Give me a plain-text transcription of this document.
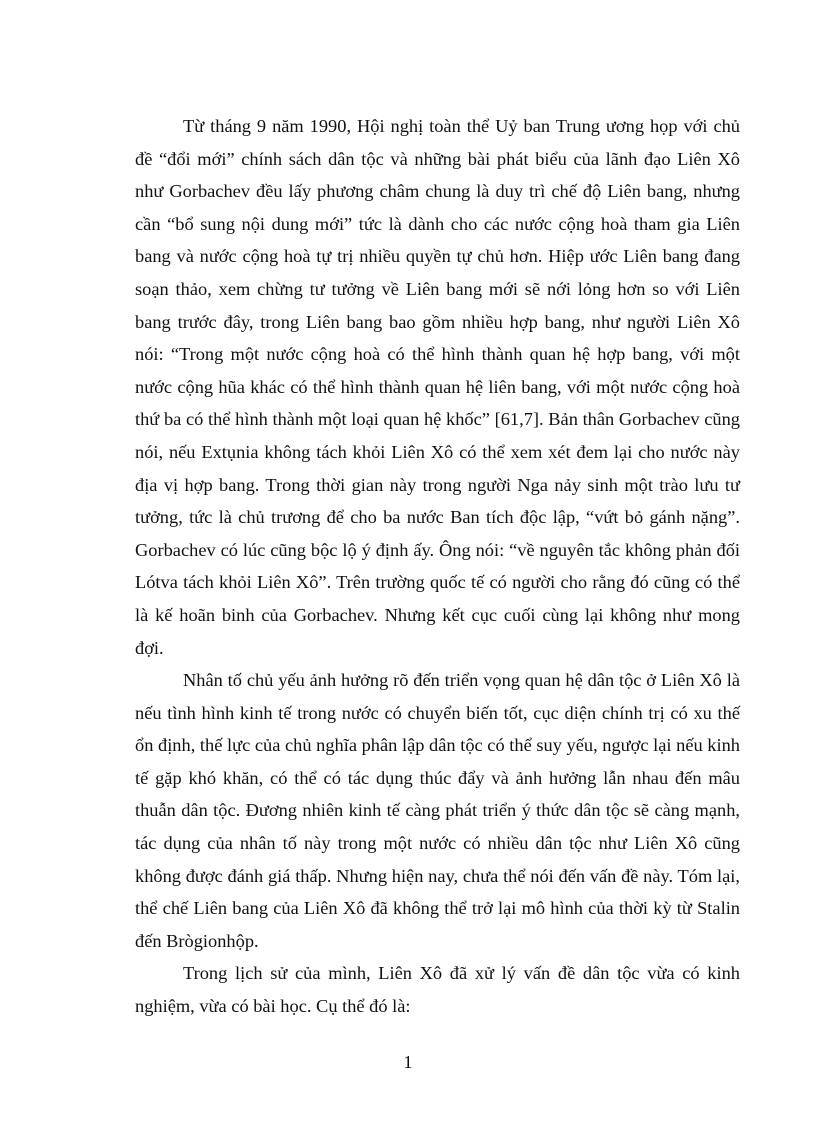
Từ tháng 9 năm 1990, Hội nghị toàn thể Uỷ ban Trung ương họp với chủ đề “đổi mới” chính sách dân tộc và những bài phát biểu của lãnh đạo Liên Xô như Gorbachev đều lấy phương châm chung là duy trì chế độ Liên bang, nhưng cần “bổ sung nội dung mới” tức là dành cho các nước cộng hoà tham gia Liên bang và nước cộng hoà tự trị nhiều quyền tự chủ hơn. Hiệp ước Liên bang đang soạn thảo, xem chừng tư tưởng về Liên bang mới sẽ nới lỏng hơn so với Liên bang trước đây, trong Liên bang bao gồm nhiều hợp bang, như người Liên Xô nói: “Trong một nước cộng hoà có thể hình thành quan hệ hợp bang, với một nước cộng hũa khác có thể hình thành quan hệ liên bang, với một nước cộng hoà thứ ba có thể hình thành một loại quan hệ khốc” [61,7]. Bản thân Gorbachev cũng nói, nếu Extụnia không tách khỏi Liên Xô có thể xem xét đem lại cho nước này địa vị hợp bang. Trong thời gian này trong người Nga nảy sinh một trào lưu tư tưởng, tức là chủ trương để cho ba nước Ban tích độc lập, “vứt bỏ gánh nặng”. Gorbachev có lúc cũng bộc lộ ý định ấy. Ông nói: “về nguyên tắc không phản đối Lótva tách khỏi Liên Xô”. Trên trường quốc tế có người cho rằng đó cũng có thể là kế hoãn binh của Gorbachev. Nhưng kết cục cuối cùng lại không như mong đợi.

Nhân tố chủ yếu ảnh hưởng rõ đến triển vọng quan hệ dân tộc ở Liên Xô là nếu tình hình kinh tế trong nước có chuyển biến tốt, cục diện chính trị có xu thế ổn định, thế lực của chủ nghĩa phân lập dân tộc có thể suy yếu, ngược lại nếu kinh tế gặp khó khăn, có thể có tác dụng thúc đẩy và ảnh hưởng lẫn nhau đến mâu thuẫn dân tộc. Đương nhiên kinh tế càng phát triển ý thức dân tộc sẽ càng mạnh, tác dụng của nhân tố này trong một nước có nhiều dân tộc như Liên Xô cũng không được đánh giá thấp. Nhưng hiện nay, chưa thể nói đến vấn đề này. Tóm lại, thể chế Liên bang của Liên Xô đã không thể trở lại mô hình của thời kỳ từ Stalin đến Brògionhộp.

Trong lịch sử của mình, Liên Xô đã xử lý vấn đề dân tộc vừa có kinh nghiệm, vừa có bài học. Cụ thể đó là:

1
